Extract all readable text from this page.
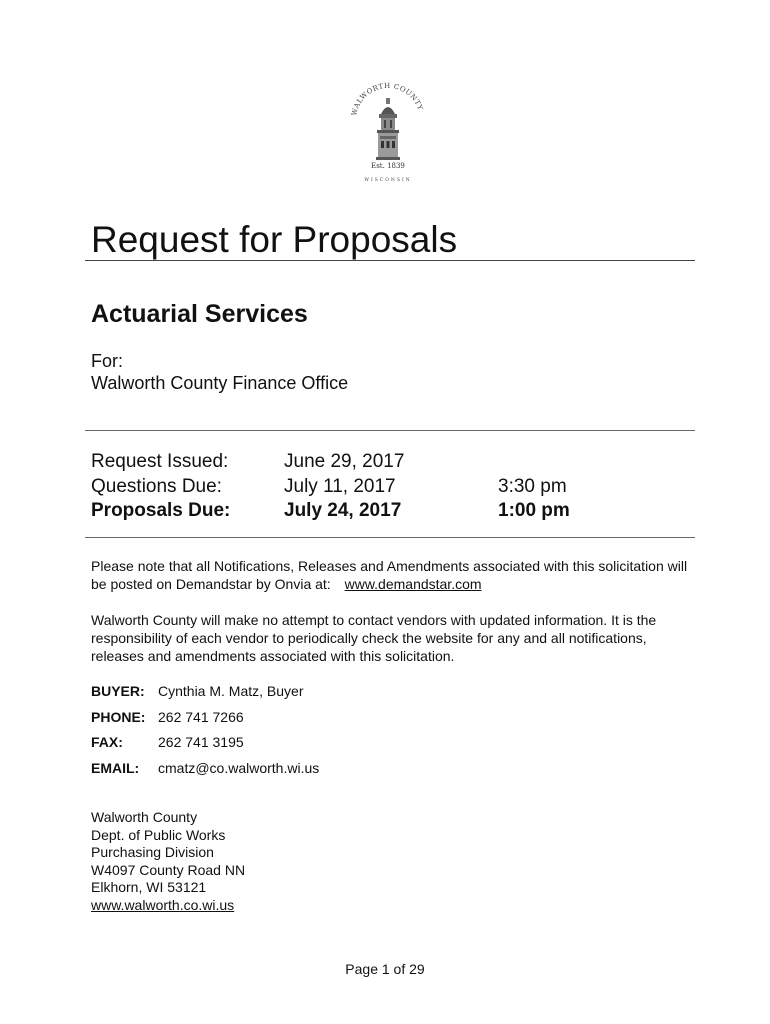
WALWORTH COUNTY
Est. 1839
WISCONSIN
Request for Proposals
Actuarial Services
For:
Walworth County Finance Office
Request Issued:	June 29, 2017
Questions Due:	July 11, 2017	3:30 pm
Proposals Due:	July 24, 2017	1:00 pm
Please note that all Notifications, Releases and Amendments associated with this solicitation will be posted on Demandstar by Onvia at: www.demandstar.com
Walworth County will make no attempt to contact vendors with updated information. It is the responsibility of each vendor to periodically check the website for any and all notifications, releases and amendments associated with this solicitation.
BUYER: Cynthia M. Matz, Buyer
PHONE: 262 741 7266
FAX:	262 741 3195
EMAIL: cmatz@co.walworth.wi.us
Walworth County
Dept. of Public Works
Purchasing Division
W4097 County Road NN
Elkhorn, WI 53121
www.walworth.co.wi.us
Page 1 of 29
